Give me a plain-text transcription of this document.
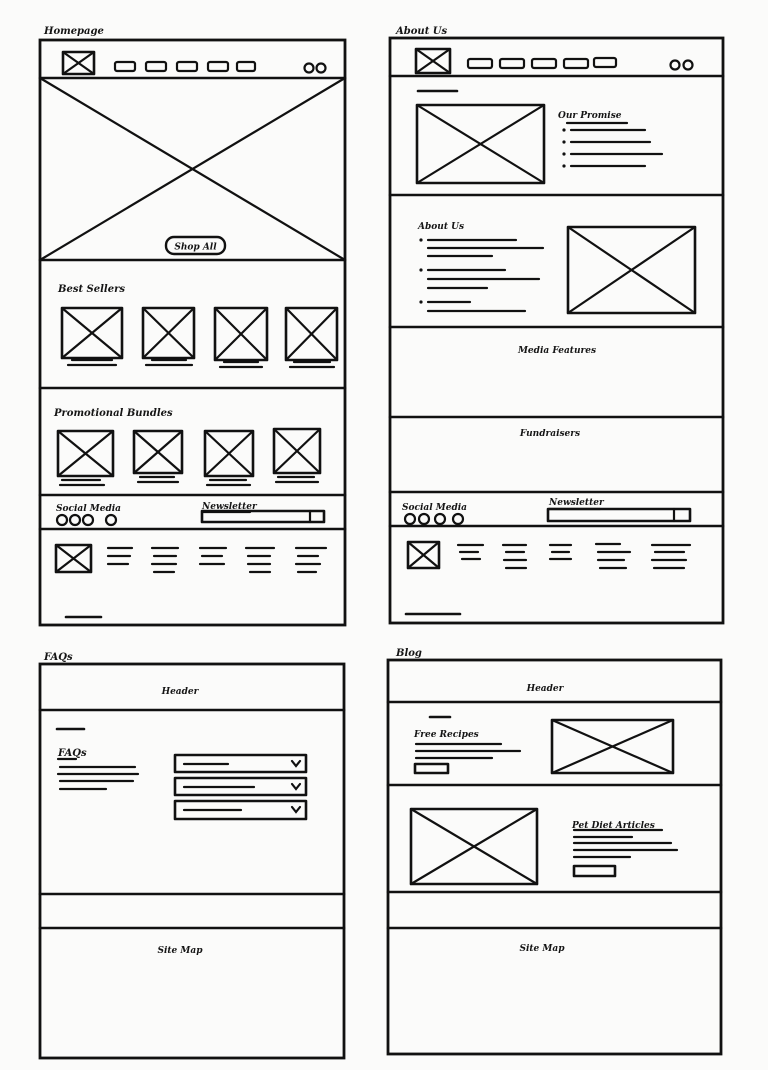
Homepage
Shop All
Best Sellers
Promotional Bundles
Social Media	Newsletter
About Us
Our Promise
About Us
Media Features
Fundraisers
Social Media	Newsletter
FAQs
Header
FAQs
Site Map
Blog
Header
Free Recipes
Pet Diet Articles
Site Map
